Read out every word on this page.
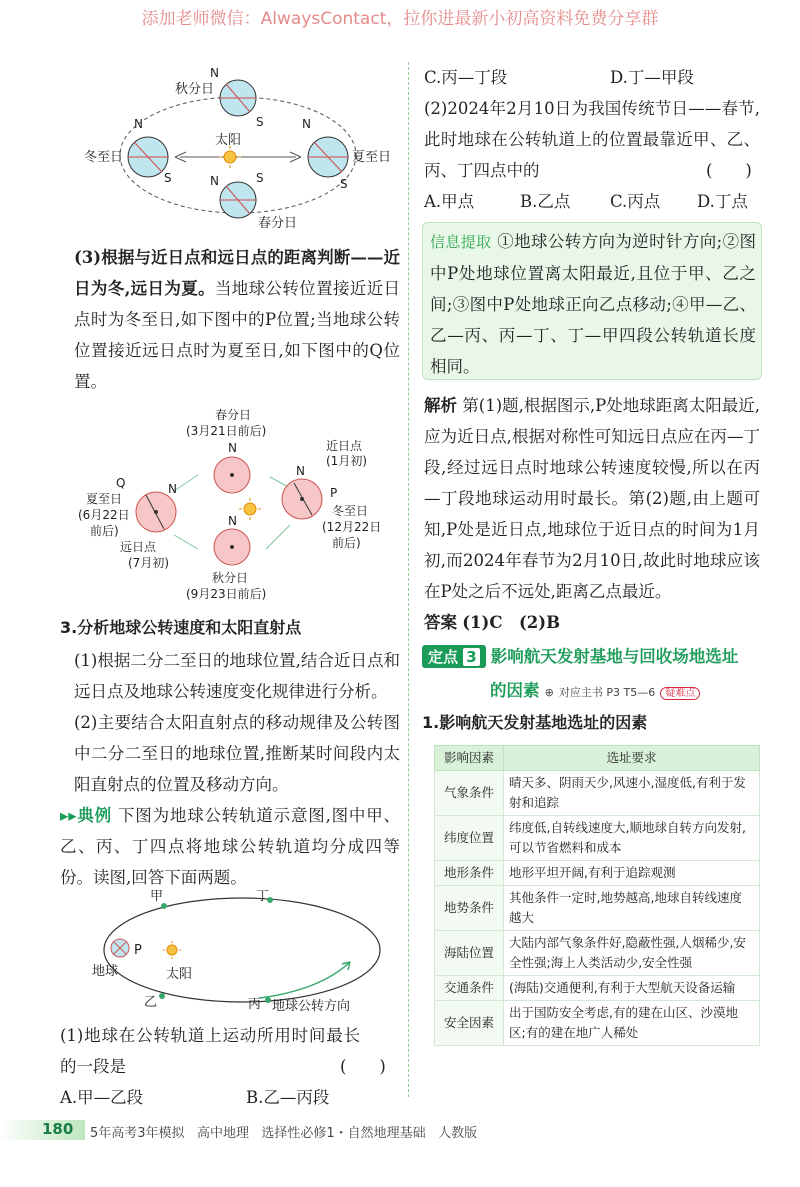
添加老师微信：AlwaysContact，拉你进最新小初高资料免费分享群
太阳
秋分日
N
S
春分日
N	S
冬至日
N
S
夏至日
N
S
(3)根据与近日点和远日点的距离判断——近日为冬,远日为夏。当地球公转位置接近近日点时为冬至日,如下图中的P位置;当地球公转位置接近远日点时为夏至日,如下图中的Q位置。
春分日
(3月21日前后)
近日点
(1月初)
N
Q
夏至日
(6月22日
前后)
N
远日点
(7月初)
N
P
冬至日
(12月22日
前后)
N
秋分日
(9月23日前后)
3.分析地球公转速度和太阳直射点
(1)根据二分二至日的地球位置,结合近日点和远日点及地球公转速度变化规律进行分析。
(2)主要结合太阳直射点的移动规律及公转图中二分二至日的地球位置,推断某时间段内太阳直射点的位置及移动方向。
▸▸典例 下图为地球公转轨道示意图,图中甲、乙、丙、丁四点将地球公转轨道均分成四等份。读图,回答下面两题。
甲	丁
乙	丙
P
地球	太阳
地球公转方向
(1)地球在公转轨道上运动所用时间最长的一段是	(　　)
A.甲—乙段	B.乙—丙段
C.丙—丁段	D.丁—甲段
(2)2024年2月10日为我国传统节日——春节,此时地球在公转轨道上的位置最靠近甲、乙、丙、丁四点中的	(　　)
A.甲点	B.乙点 C.丙点 D.丁点
信息提取 ①地球公转方向为逆时针方向;②图中P处地球位置离太阳最近,且位于甲、乙之间;③图中P处地球正向乙点移动;④甲—乙、乙—丙、丙—丁、丁—甲四段公转轨道长度相同。
解析 第(1)题,根据图示,P处地球距离太阳最近,应为近日点,根据对称性可知远日点应在丙—丁段,经过远日点时地球公转速度较慢,所以在丙—丁段地球运动用时最长。第(2)题,由上题可知,P处是近日点,地球位于近日点的时间为1月初,而2024年春节为2月10日,故此时地球应该在P处之后不远处,距离乙点最近。
答案 (1)C　(2)B
定点 3 影响航天发射基地与回收场地选址
的因素 ⊕ 对应主书 P3 T5—6 疑难点
1.影响航天发射基地选址的因素
影响因素	选址要求
气象条件	晴天多、阴雨天少,风速小,湿度低,有利于发射和追踪
纬度位置	纬度低,自转线速度大,顺地球自转方向发射,可以节省燃料和成本
地形条件	地形平坦开阔,有利于追踪观测
地势条件	其他条件一定时,地势越高,地球自转线速度越大
海陆位置	大陆内部气象条件好,隐蔽性强,人烟稀少,安全性强;海上人类活动少,安全性强
交通条件	(海陆)交通便利,有利于大型航天设备运输
安全因素	出于国防安全考虑,有的建在山区、沙漠地区;有的建在地广人稀处
180 5年高考3年模拟 高中地理 选择性必修1・自然地理基础 人教版
